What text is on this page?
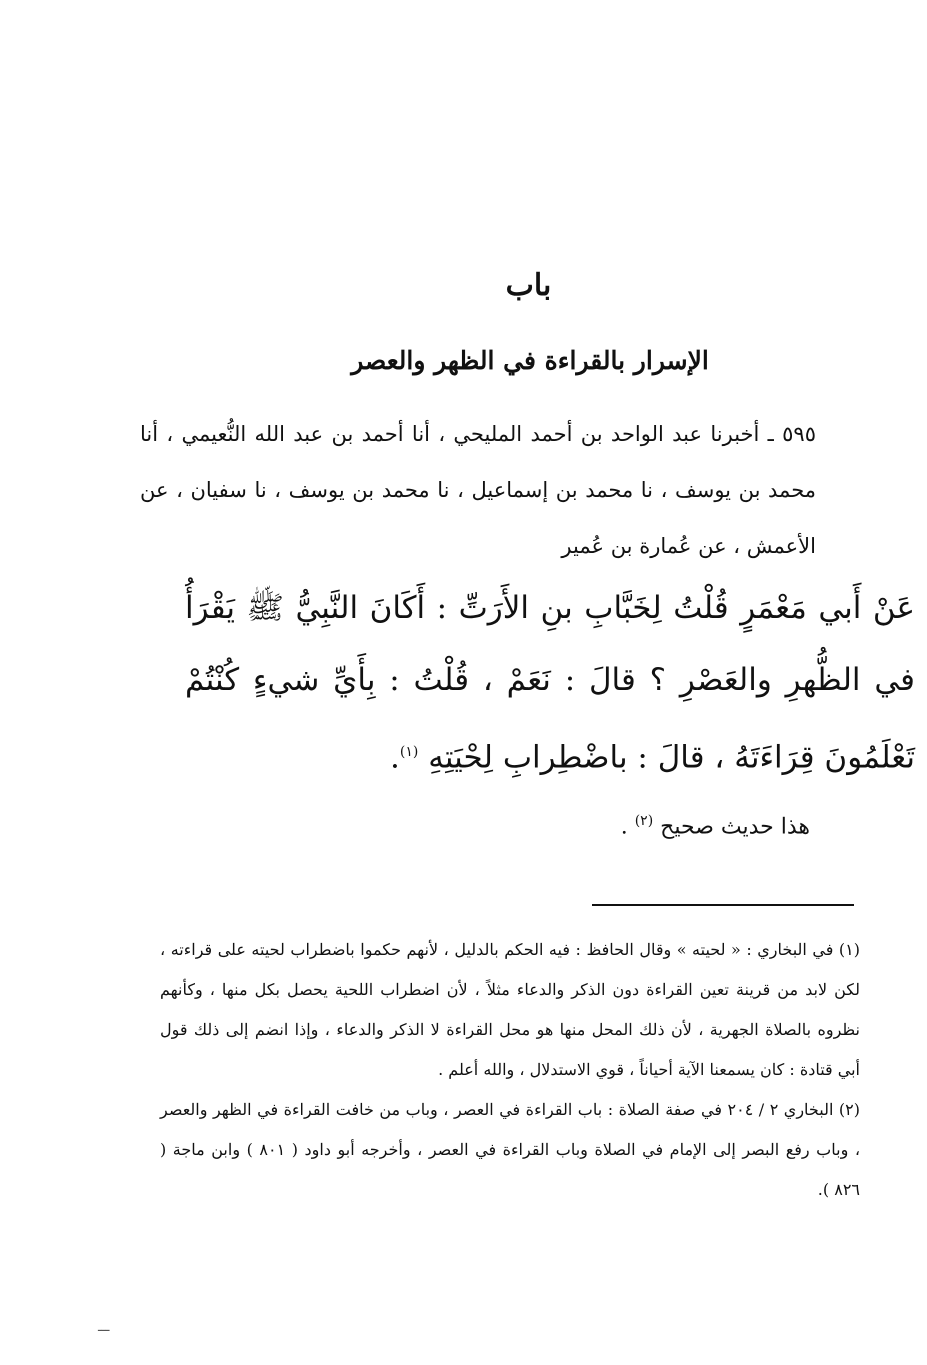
باب
الإسرار بالقراءة في الظهر والعصر
٥٩٥ ـ أخبرنا عبد الواحد بن أحمد المليحي ، أنا أحمد بن عبد الله النُّعيمي ، أنا محمد بن يوسف ، نا محمد بن إسماعيل ، نا محمد بن يوسف ، نا سفيان ، عن الأعمش ، عن عُمارة بن عُمير
عَنْ أَبي مَعْمَرٍ قُلْتُ لِخَبَّابِ بنِ الأَرَتِّ : أَكَانَ النَّبِيُّ ﷺ يَقْرَأُ في الظُّهرِ والعَصْرِ ؟ قالَ : نَعَمْ ، قُلْتُ : بِأَيِّ شيءٍ كُنْتُمْ تَعْلَمُونَ قِرَاءَتَهُ ، قالَ : باضْطِرابِ لِحْيَتِهِ $^{(١)}$.
هذا حديث صحيح $^{(٢)}$ .

(١) في البخاري : « لحيته » وقال الحافظ : فيه الحكم بالدليل ، لأنهم حكموا باضطراب لحيته على قراءته ، لكن لابد من قرينة تعين القراءة دون الذكر والدعاء مثلاً ، لأن اضطراب اللحية يحصل بكل منها ، وكأنهم نظروه بالصلاة الجهرية ، لأن ذلك المحل منها هو محل القراءة لا الذكر والدعاء ، وإذا انضم إلى ذلك قول أبي قتادة : كان يسمعنا الآية أحياناً ، قوي الاستدلال ، والله أعلم .

(٢) البخاري ٢ / ٢٠٤ في صفة الصلاة : باب القراءة في العصر ، وباب من خافت القراءة في الظهر والعصر ، وباب رفع البصر إلى الإمام في الصلاة وباب القراءة في العصر ، وأخرجه أبو داود ( ٨٠١ ) وابن ماجة ( ٨٢٦ ).

ـــ
